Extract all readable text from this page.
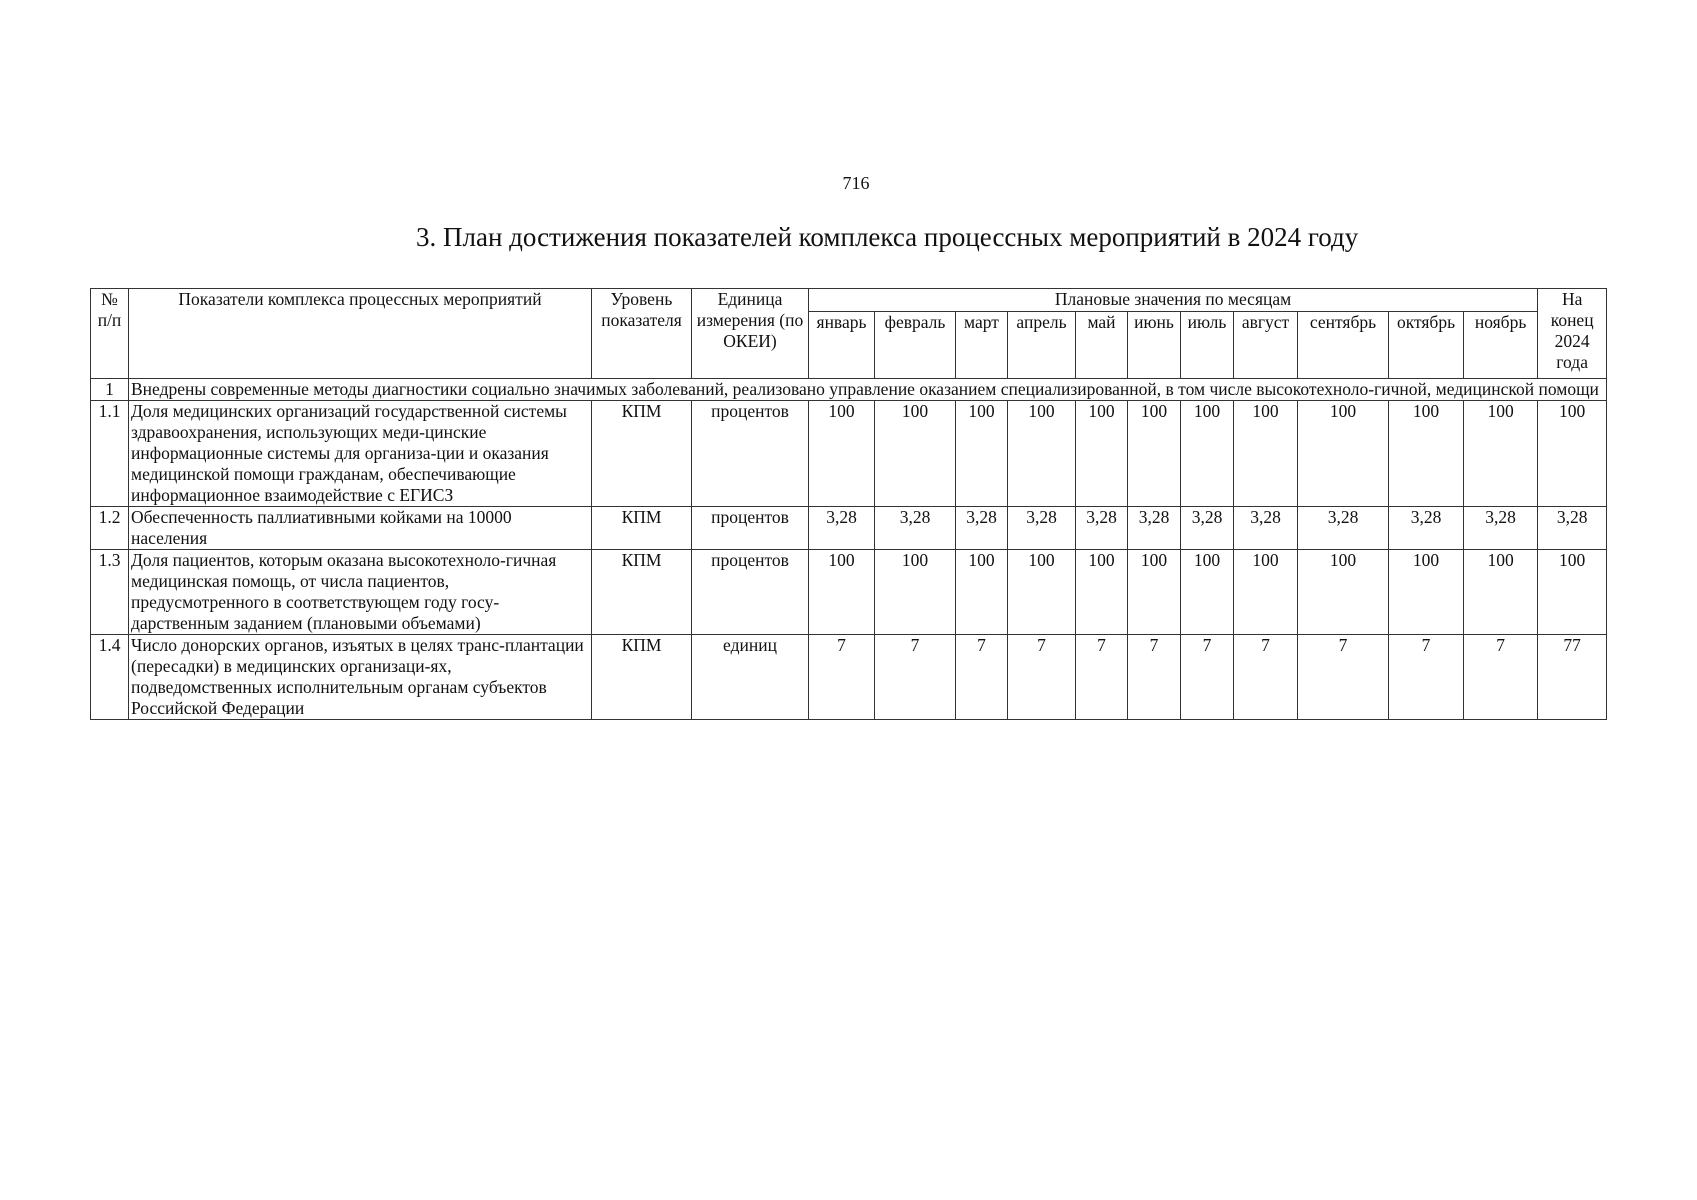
716
3. План достижения показателей комплекса процессных мероприятий в 2024 году
№ п/п	Показатели комплекса процессных мероприятий	Уровень показателя	Единица измерения (по ОКЕИ)	Плановые значения по месяцам											На конец 2024 года
				январь	февраль	март	апрель	май	июнь	июль	август	сентябрь	октябрь	ноябрь	
1	Внедрены современные методы диагностики социально значимых заболеваний, реализовано управление оказанием специализированной, в том числе высокотехноло-гичной, медицинской помощи														
1.1	Доля медицинских организаций государственной системы здравоохранения, использующих меди-цинские информационные системы для организа-ции и оказания медицинской помощи гражданам, обеспечивающие информационное взаимодействие с ЕГИСЗ	КПМ	процентов	100	100	100	100	100	100	100	100	100	100	100	100
1.2	Обеспеченность паллиативными койками на 10000 населения	КПМ	процентов	3,28	3,28	3,28	3,28	3,28	3,28	3,28	3,28	3,28	3,28	3,28	3,28
1.3	Доля пациентов, которым оказана высокотехноло-гичная медицинская помощь, от числа пациентов, предусмотренного в соответствующем году госу-дарственным заданием (плановыми объемами)	КПМ	процентов	100	100	100	100	100	100	100	100	100	100	100	100
1.4	Число донорских органов, изъятых в целях транс-плантации (пересадки) в медицинских организаци-ях, подведомственных исполнительным органам субъектов Российской Федерации	КПМ	единиц	7	7	7	7	7	7	7	7	7	7	7	77
